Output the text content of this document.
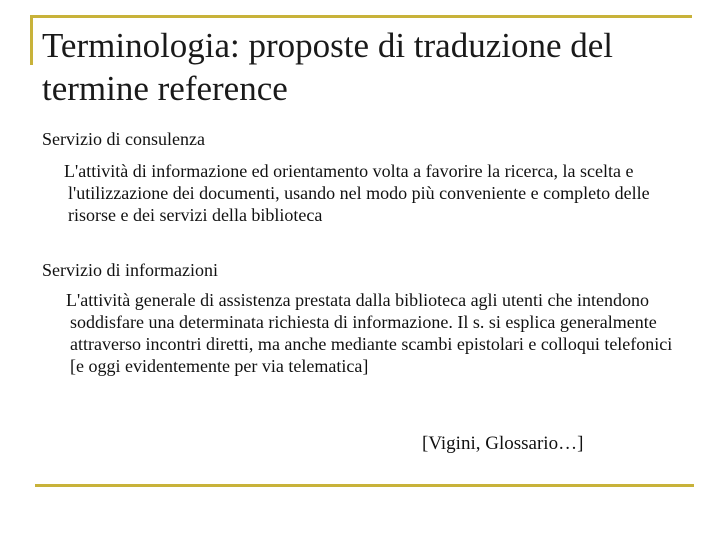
Terminologia: proposte di traduzione del termine reference

Servizio di consulenza

L'attività di informazione ed orientamento volta a favorire la ricerca, la scelta e l'utilizzazione dei documenti, usando nel modo più conveniente e completo delle risorse e dei servizi della biblioteca

Servizio di informazioni

L'attività generale di assistenza prestata dalla biblioteca agli utenti che intendono soddisfare una determinata richiesta di informazione. Il s. si esplica generalmente attraverso incontri diretti, ma anche mediante scambi epistolari e colloqui telefonici [e oggi evidentemente per via telematica]

[Vigini, Glossario…]
